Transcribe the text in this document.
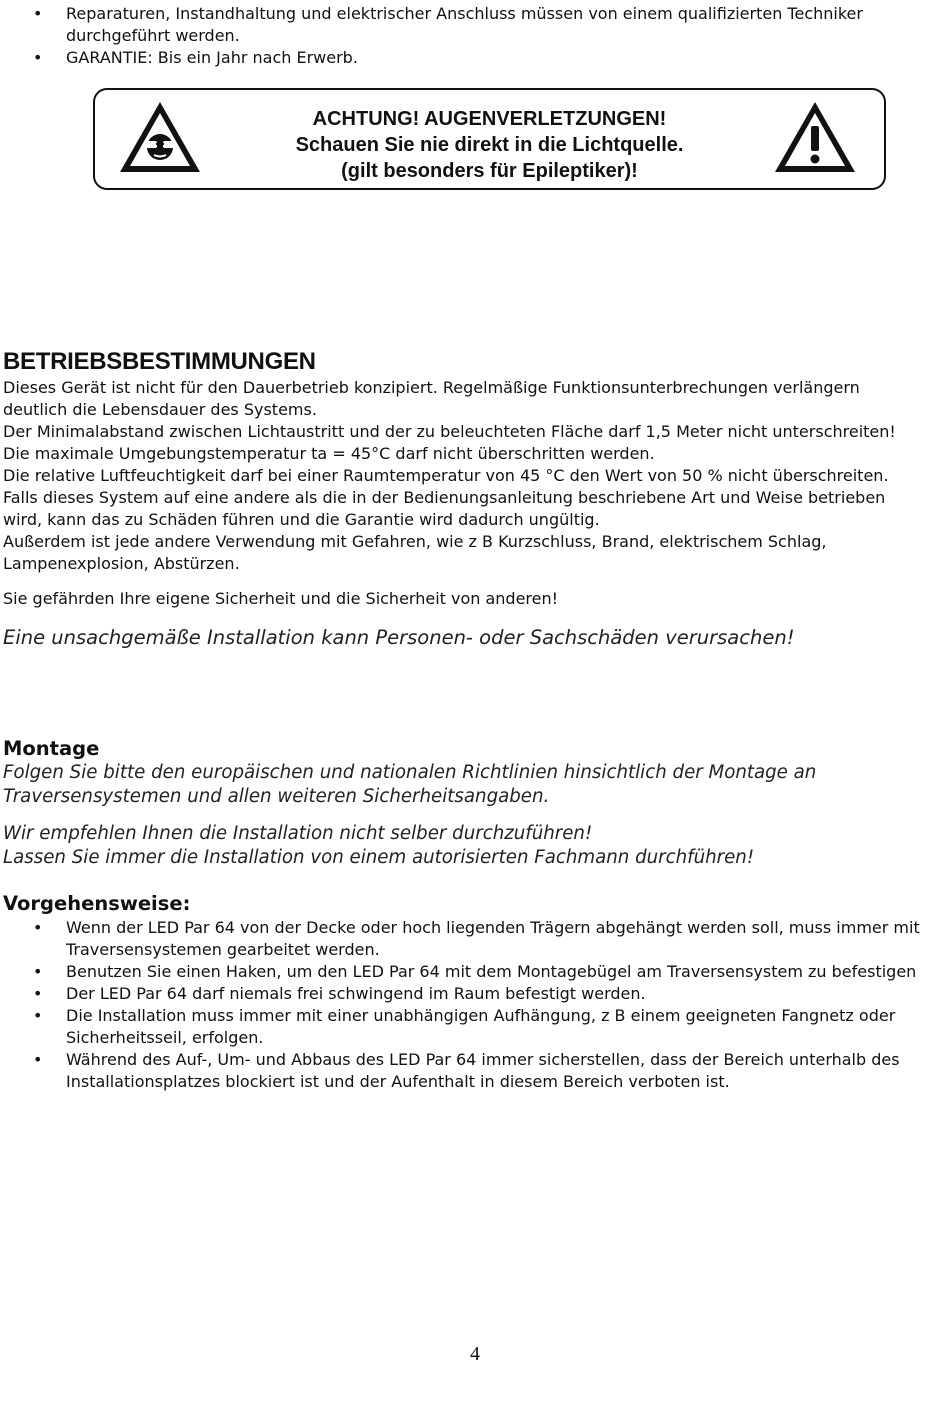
• Reparaturen, Instandhaltung und elektrischer Anschluss müssen von einem qualifizierten Techniker durchgeführt werden.
• GARANTIE: Bis ein Jahr nach Erwerb.
ACHTUNG! AUGENVERLETZUNGEN!
Schauen Sie nie direkt in die Lichtquelle.
(gilt besonders für Epileptiker)!
BETRIEBSBESTIMMUNGEN

Dieses Gerät ist nicht für den Dauerbetrieb konzipiert. Regelmäßige Funktionsunterbrechungen verlängern deutlich die Lebensdauer des Systems.

Der Minimalabstand zwischen Lichtaustritt und der zu beleuchteten Fläche darf 1,5 Meter nicht unterschreiten!

Die maximale Umgebungstemperatur ta = 45°C darf nicht überschritten werden.

Die relative Luftfeuchtigkeit darf bei einer Raumtemperatur von 45 °C den Wert von 50 % nicht überschreiten.

Falls dieses System auf eine andere als die in der Bedienungsanleitung beschriebene Art und Weise betrieben wird, kann das zu Schäden führen und die Garantie wird dadurch ungültig.

Außerdem ist jede andere Verwendung mit Gefahren, wie z B Kurzschluss, Brand, elektrischem Schlag, Lampenexplosion, Abstürzen.

Sie gefährden Ihre eigene Sicherheit und die Sicherheit von anderen!

Eine unsachgemäße Installation kann Personen- oder Sachschäden verursachen!

Montage

Folgen Sie bitte den europäischen und nationalen Richtlinien hinsichtlich der Montage an Traversensystemen und allen weiteren Sicherheitsangaben.

Wir empfehlen Ihnen die Installation nicht selber durchzuführen!

Lassen Sie immer die Installation von einem autorisierten Fachmann durchführen!

Vorgehensweise:
• Wenn der LED Par 64 von der Decke oder hoch liegenden Trägern abgehängt werden soll, muss immer mit Traversensystemen gearbeitet werden.
• Benutzen Sie einen Haken, um den LED Par 64 mit dem Montagebügel am Traversensystem zu befestigen
• Der LED Par 64 darf niemals frei schwingend im Raum befestigt werden.
• Die Installation muss immer mit einer unabhängigen Aufhängung, z B einem geeigneten Fangnetz oder Sicherheitsseil, erfolgen.
• Während des Auf-, Um- und Abbaus des LED Par 64 immer sicherstellen, dass der Bereich unterhalb des Installationsplatzes blockiert ist und der Aufenthalt in diesem Bereich verboten ist.
4
